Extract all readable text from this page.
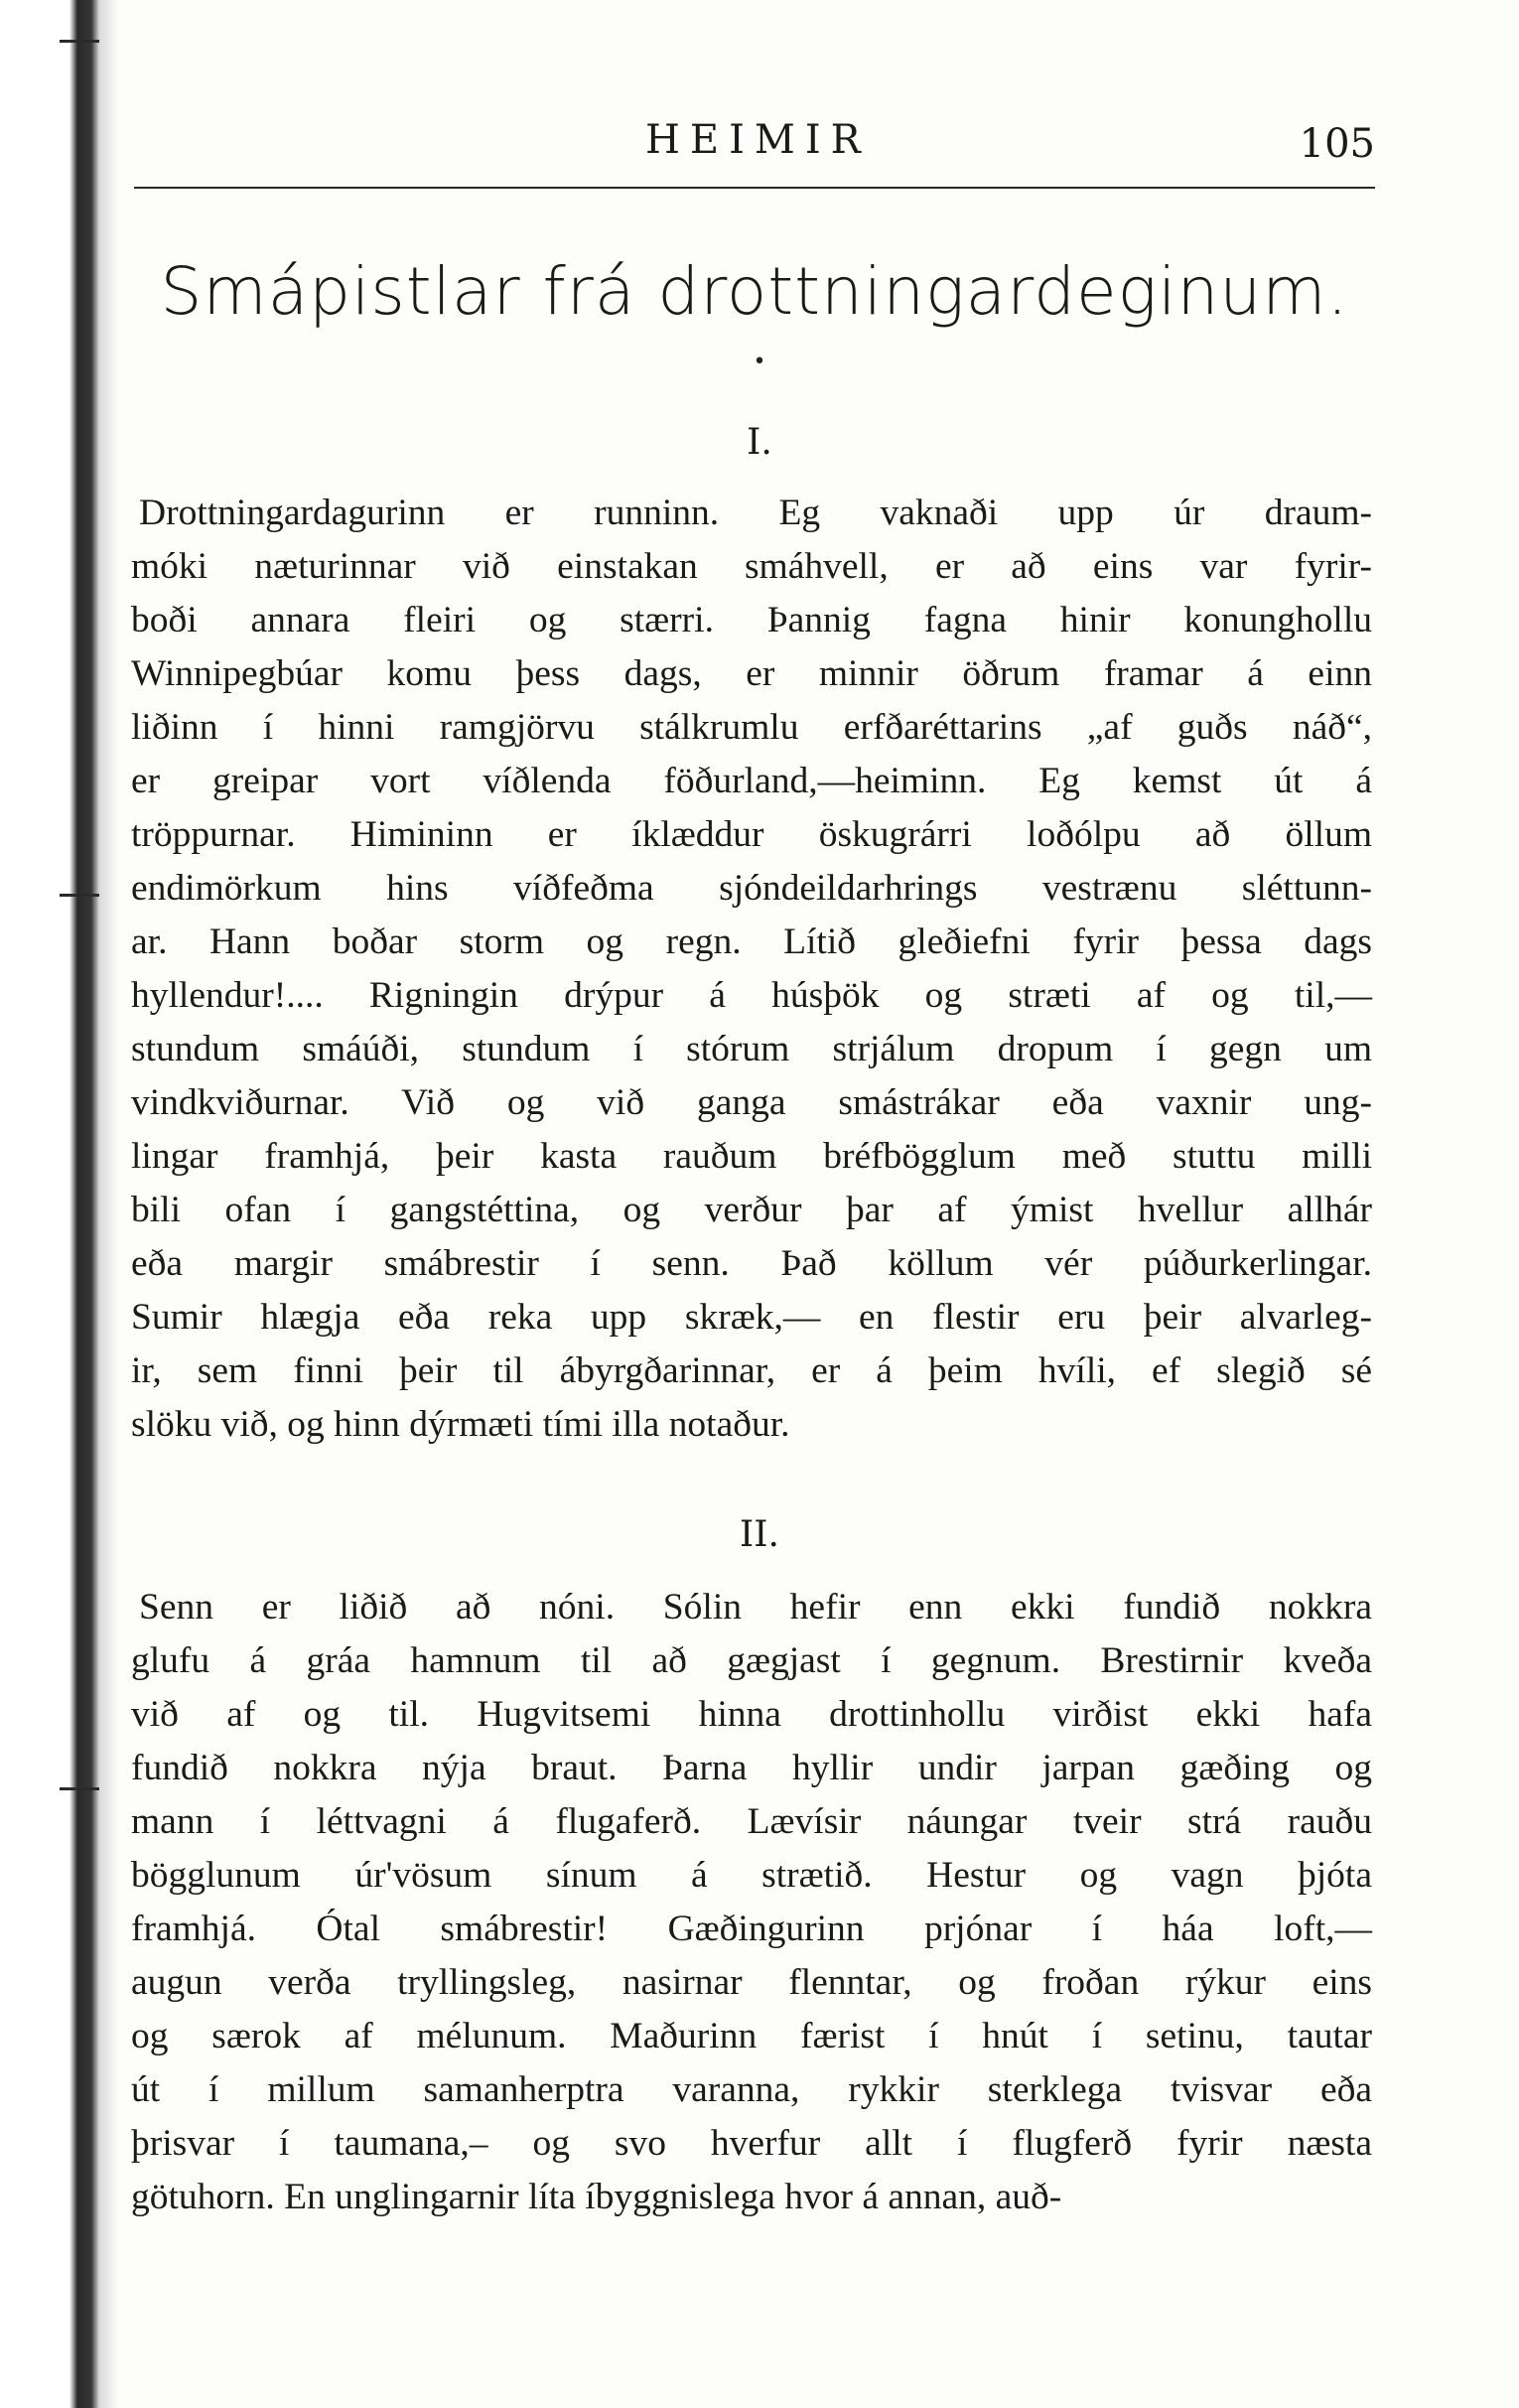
HEIMIR	105
Smápistlar frá drottningardeginum.
•
I.
Drottningardagurinn er runninn. Eg vaknaði upp úr draum-
móki næturinnar við einstakan smáhvell, er að eins var fyrir-
boði annara fleiri og stærri. Þannig fagna hinir konunghollu
Winnipegbúar komu þess dags, er minnir öðrum framar á einn
liðinn í hinni ramgjörvu stálkrumlu erfðaréttarins „af guðs náð“,
er greipar vort víðlenda föðurland,—heiminn. Eg kemst út á
tröppurnar. Himininn er íklæddur öskugrárri loðólpu að öllum
endimörkum hins víðfeðma sjóndeildarhrings vestrænu sléttunn-
ar. Hann boðar storm og regn. Lítið gleðiefni fyrir þessa dags
hyllendur!.... Rigningin drýpur á húsþök og stræti af og til,—
stundum smáúði, stundum í stórum strjálum dropum í gegn um
vindkviðurnar. Við og við ganga smástrákar eða vaxnir ung-
lingar framhjá, þeir kasta rauðum bréfbögglum með stuttu milli
bili ofan í gangstéttina, og verður þar af ýmist hvellur allhár
eða margir smábrestir í senn. Það köllum vér púðurkerlingar.
Sumir hlægja eða reka upp skræk,— en flestir eru þeir alvarleg-
ir, sem finni þeir til ábyrgðarinnar, er á þeim hvíli, ef slegið sé
slöku við, og hinn dýrmæti tími illa notaður.
II.
Senn er liðið að nóni. Sólin hefir enn ekki fundið nokkra
glufu á gráa hamnum til að gægjast í gegnum. Brestirnir kveða
við af og til. Hugvitsemi hinna drottinhollu virðist ekki hafa
fundið nokkra nýja braut. Þarna hyllir undir jarpan gæðing og
mann í léttvagni á flugaferð. Lævísir náungar tveir strá rauðu
bögglunum úr'vösum sínum á strætið. Hestur og vagn þjóta
framhjá. Ótal smábrestir! Gæðingurinn prjónar í háa loft,—
augun verða tryllingsleg, nasirnar flenntar, og froðan rýkur eins
og særok af mélunum. Maðurinn færist í hnút í setinu, tautar
út í millum samanherptra varanna, rykkir sterklega tvisvar eða
þrisvar í taumana,– og svo hverfur allt í flugferð fyrir næsta
götuhorn. En unglingarnir líta íbyggnislega hvor á annan, auð-
